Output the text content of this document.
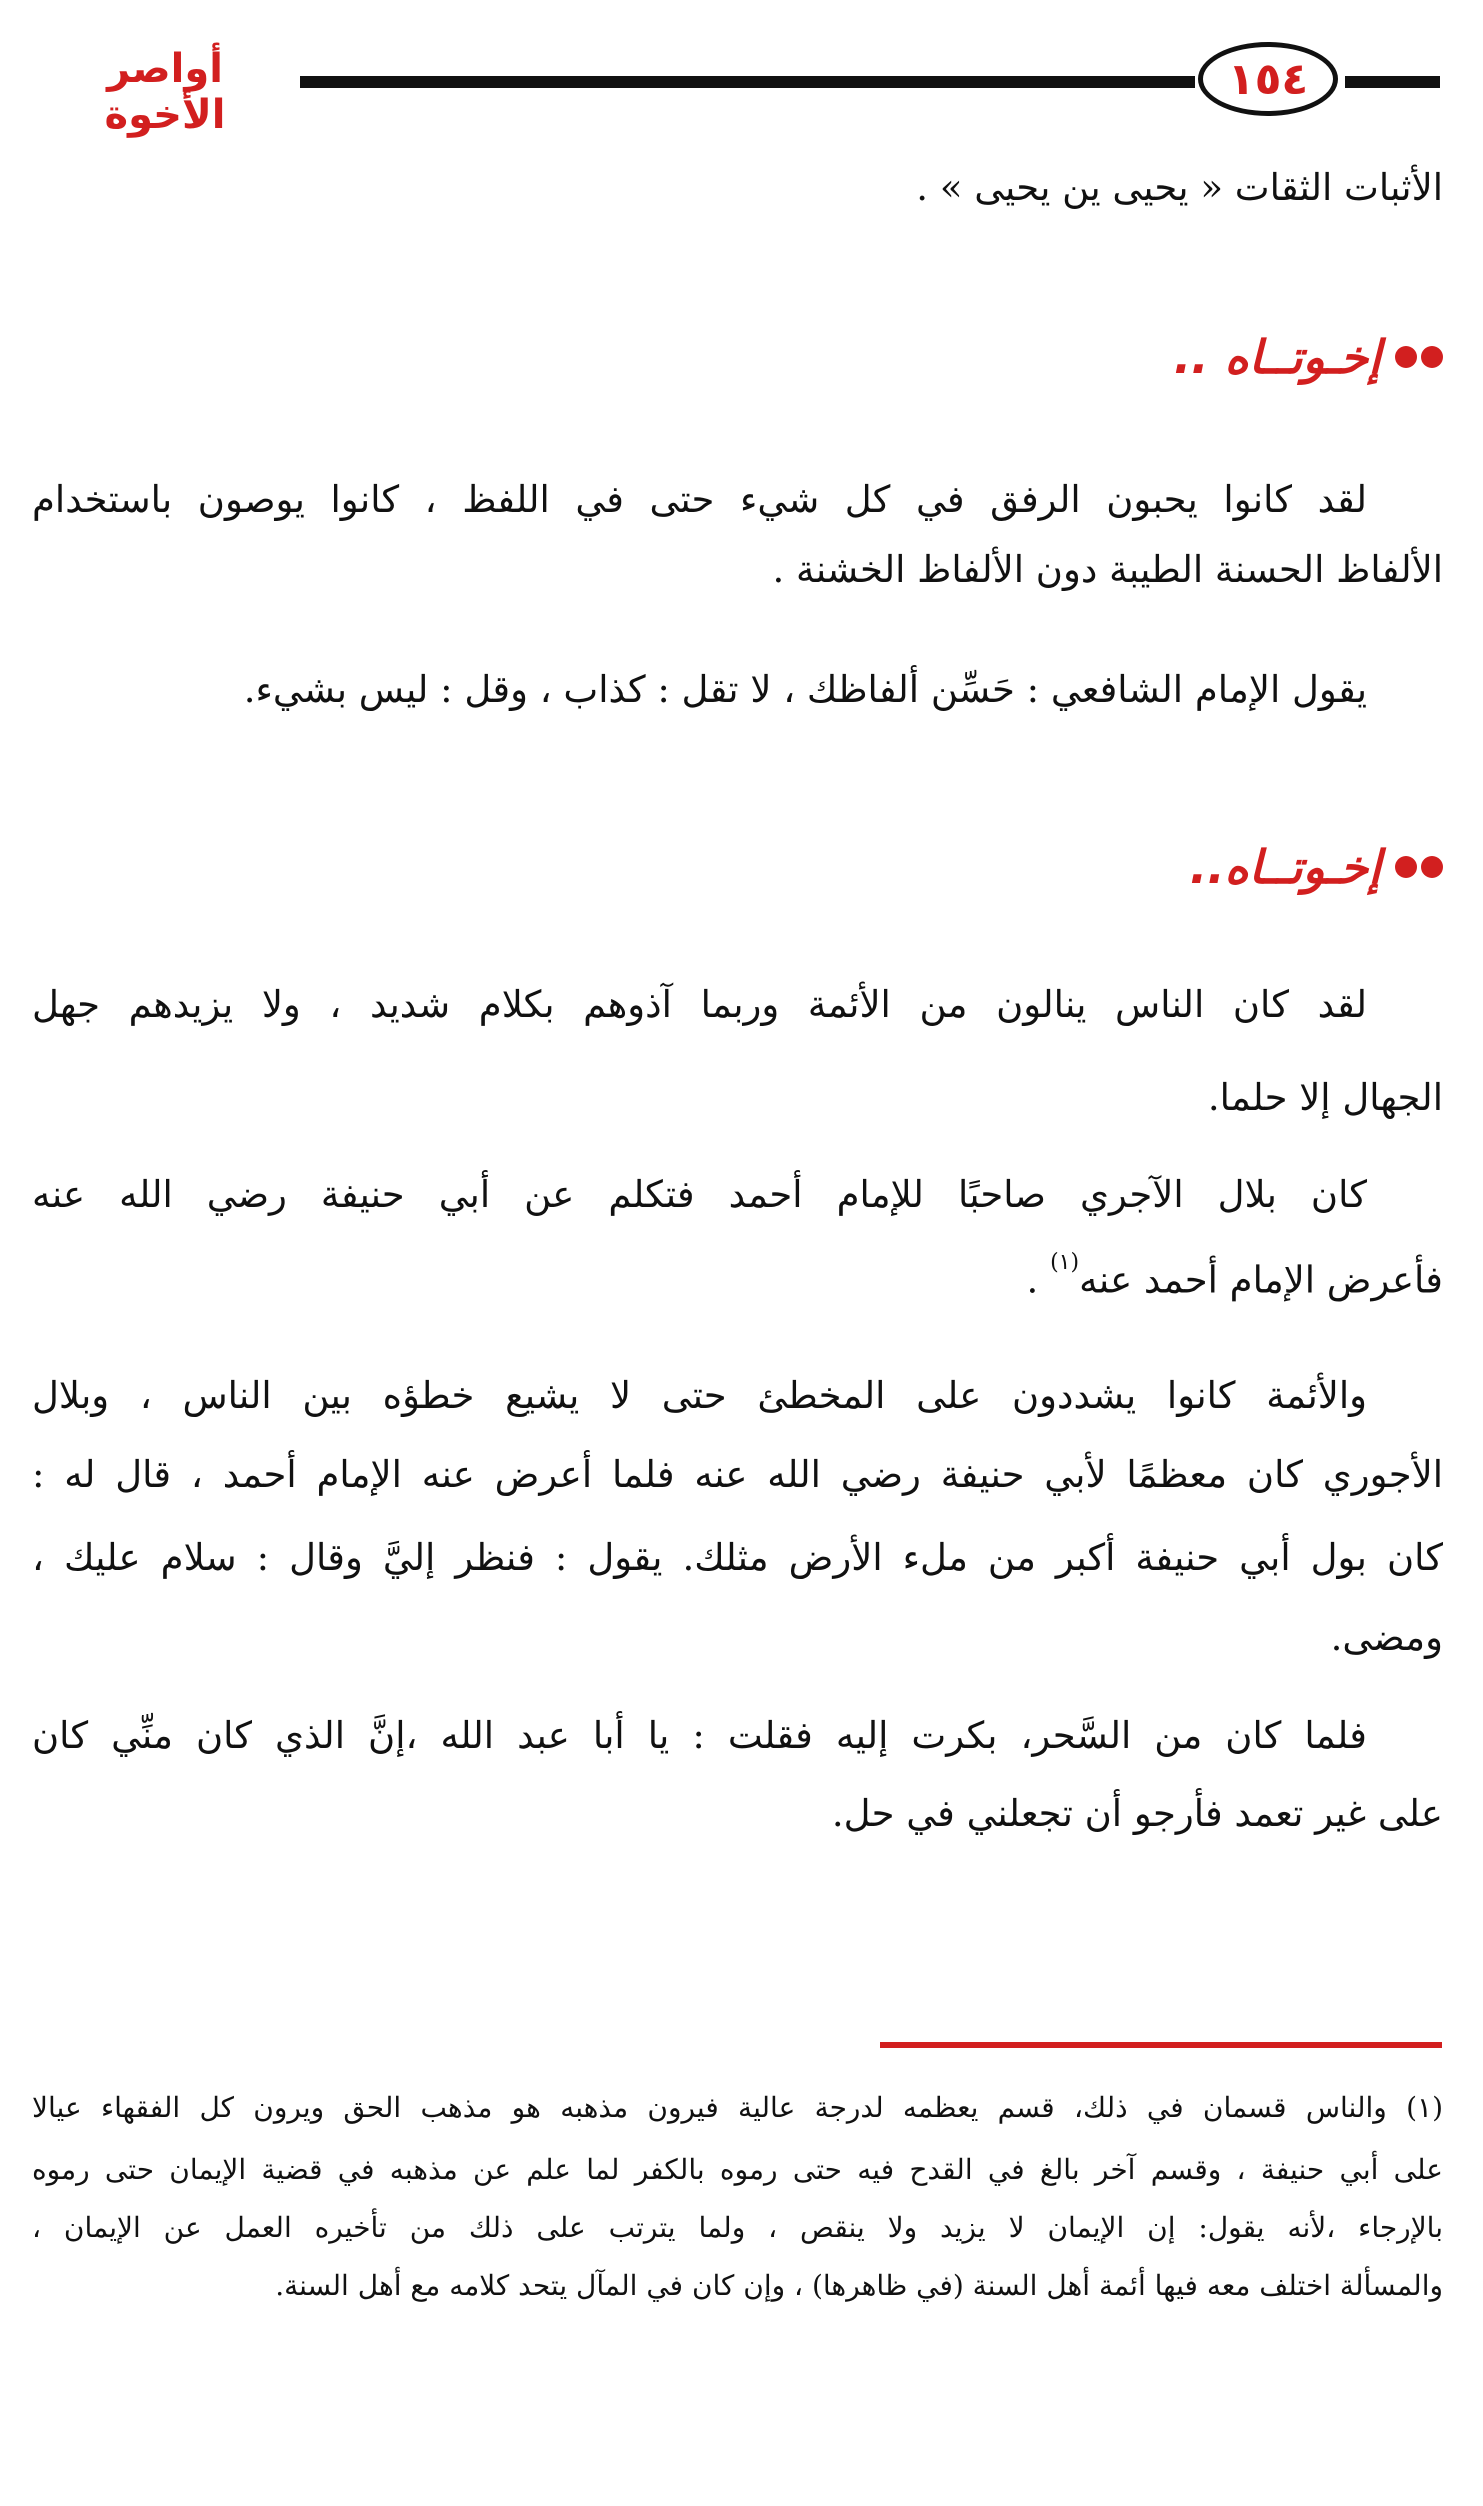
١٥٤
أواصر الأخوة
الأثبات الثقات « يحيى ين يحيى » .
إخـوتــاه ..
لقد كانوا يحبون الرفق في كل شيء حتى في اللفظ ، كانوا يوصون باستخدام
الألفاظ الحسنة الطيبة دون الألفاظ الخشنة .
يقول الإمام الشافعي : حَسِّن ألفاظك ، لا تقل : كذاب ، وقل : ليس بشيء.
إخـوتــاه..
لقد كان الناس ينالون من الأئمة وربما آذوهم بكلام شديد ، ولا يزيدهم جهل
الجهال إلا حلما.
كان بلال الآجري صاحبًا للإمام أحمد فتكلم عن أبي حنيفة رضي الله عنه
فأعرض الإمام أحمد عنه$^{(١)}$ .
والأئمة كانوا يشددون على المخطئ حتى لا يشيع خطؤه بين الناس ، وبلال
الأجوري كان معظمًا لأبي حنيفة رضي الله عنه فلما أعرض عنه الإمام أحمد ، قال له :
كان بول أبي حنيفة أكبر من ملء الأرض مثلك. يقول : فنظر إليَّ وقال : سلام عليك ،
ومضى.
فلما كان من السَّحر، بكرت إليه فقلت : يا أبا عبد الله ،إنَّ الذي كان منِّي كان
على غير تعمد فأرجو أن تجعلني في حل.
(١) والناس قسمان في ذلك، قسم يعظمه لدرجة عالية فيرون مذهبه هو مذهب الحق ويرون كل الفقهاء عيالا
على أبي حنيفة ، وقسم آخر بالغ في القدح فيه حتى رموه بالكفر لما علم عن مذهبه في قضية الإيمان حتى رموه
بالإرجاء ،لأنه يقول: إن الإيمان لا يزيد ولا ينقص ، ولما يترتب على ذلك من تأخيره العمل عن الإيمان ،
والمسألة اختلف معه فيها أئمة أهل السنة (في ظاهرها) ، وإن كان في المآل يتحد كلامه مع أهل السنة.
